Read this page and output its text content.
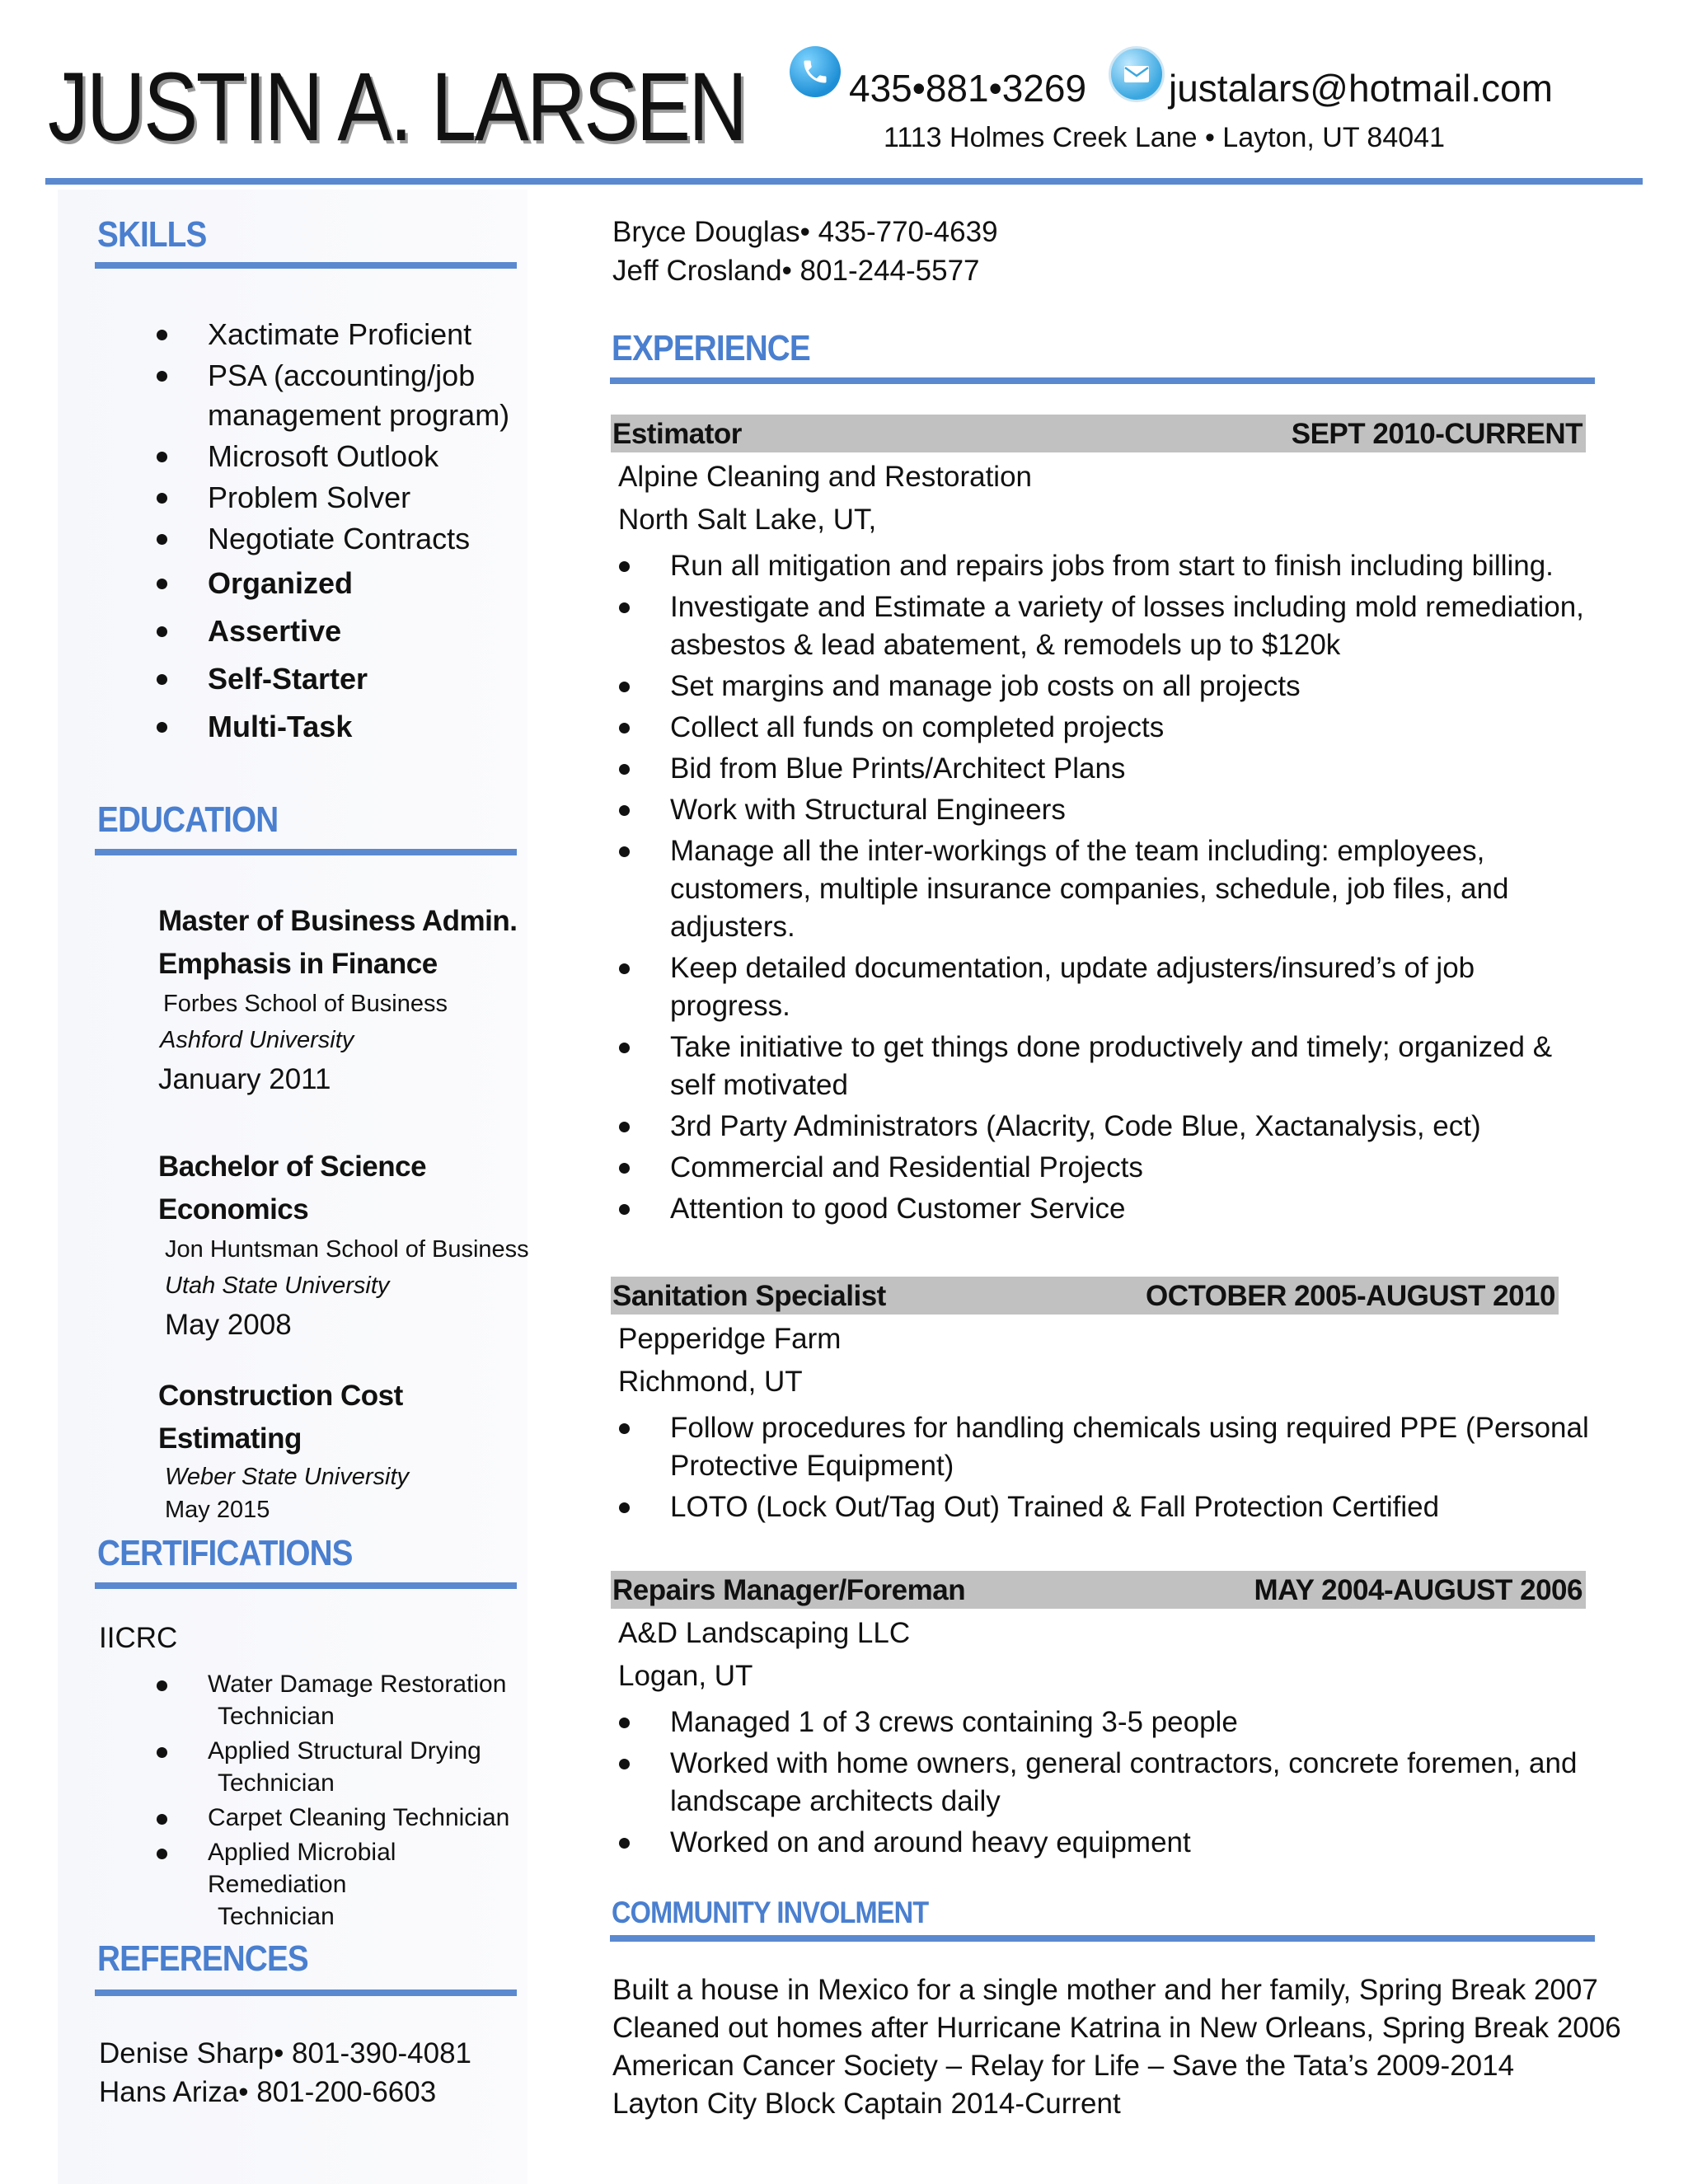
JUSTIN A. LARSEN	435•881•3269 justalars@hotmail.com
1113 Holmes Creek Lane • Layton, UT 84041
SKILLS
Xactimate Proficient
PSA (accounting/job management program)
Microsoft Outlook
Problem Solver
Negotiate Contracts
Organized
Assertive
Self-Starter
Multi-Task
EDUCATION
Master of Business Admin.
Emphasis in Finance
Forbes School of Business
Ashford University
January 2011
Bachelor of Science
Economics
Jon Huntsman School of Business
Utah State University
May 2008
Construction Cost Estimating
Weber State University
May 2015
CERTIFICATIONS
IICRC
Water Damage Restoration
Technician
Applied Structural Drying
Technician
Carpet Cleaning Technician
Applied Microbial Remediation
Technician
REFERENCES
Denise Sharp• 801-390-4081
Hans Ariza• 801-200-6603
Bryce Douglas• 435-770-4639
Jeff Crosland• 801-244-5577
EXPERIENCE
Estimator	SEPT 2010-CURRENT
Alpine Cleaning and Restoration
North Salt Lake, UT,
Run all mitigation and repairs jobs from start to finish including billing.
Investigate and Estimate a variety of losses including mold remediation, asbestos & lead abatement, & remodels up to $120k
Set margins and manage job costs on all projects
Collect all funds on completed projects
Bid from Blue Prints/Architect Plans
Work with Structural Engineers
Manage all the inter-workings of the team including: employees, customers, multiple insurance companies, schedule, job files, and adjusters.
Keep detailed documentation, update adjusters/insured’s of job progress.
Take initiative to get things done productively and timely; organized & self motivated
3rd Party Administrators (Alacrity, Code Blue, Xactanalysis, ect)
Commercial and Residential Projects
Attention to good Customer Service
Sanitation Specialist	OCTOBER 2005-AUGUST 2010
Pepperidge Farm
Richmond, UT
Follow procedures for handling chemicals using required PPE (Personal Protective Equipment)
LOTO (Lock Out/Tag Out) Trained & Fall Protection Certified
Repairs Manager/Foreman	MAY 2004-AUGUST 2006
A&D Landscaping LLC
Logan, UT
Managed 1 of 3 crews containing 3-5 people
Worked with home owners, general contractors, concrete foremen, and landscape architects daily
Worked on and around heavy equipment
COMMUNITY INVOLMENT
Built a house in Mexico for a single mother and her family, Spring Break 2007
Cleaned out homes after Hurricane Katrina in New Orleans, Spring Break 2006
American Cancer Society – Relay for Life – Save the Tata’s 2009-2014
Layton City Block Captain 2014-Current
